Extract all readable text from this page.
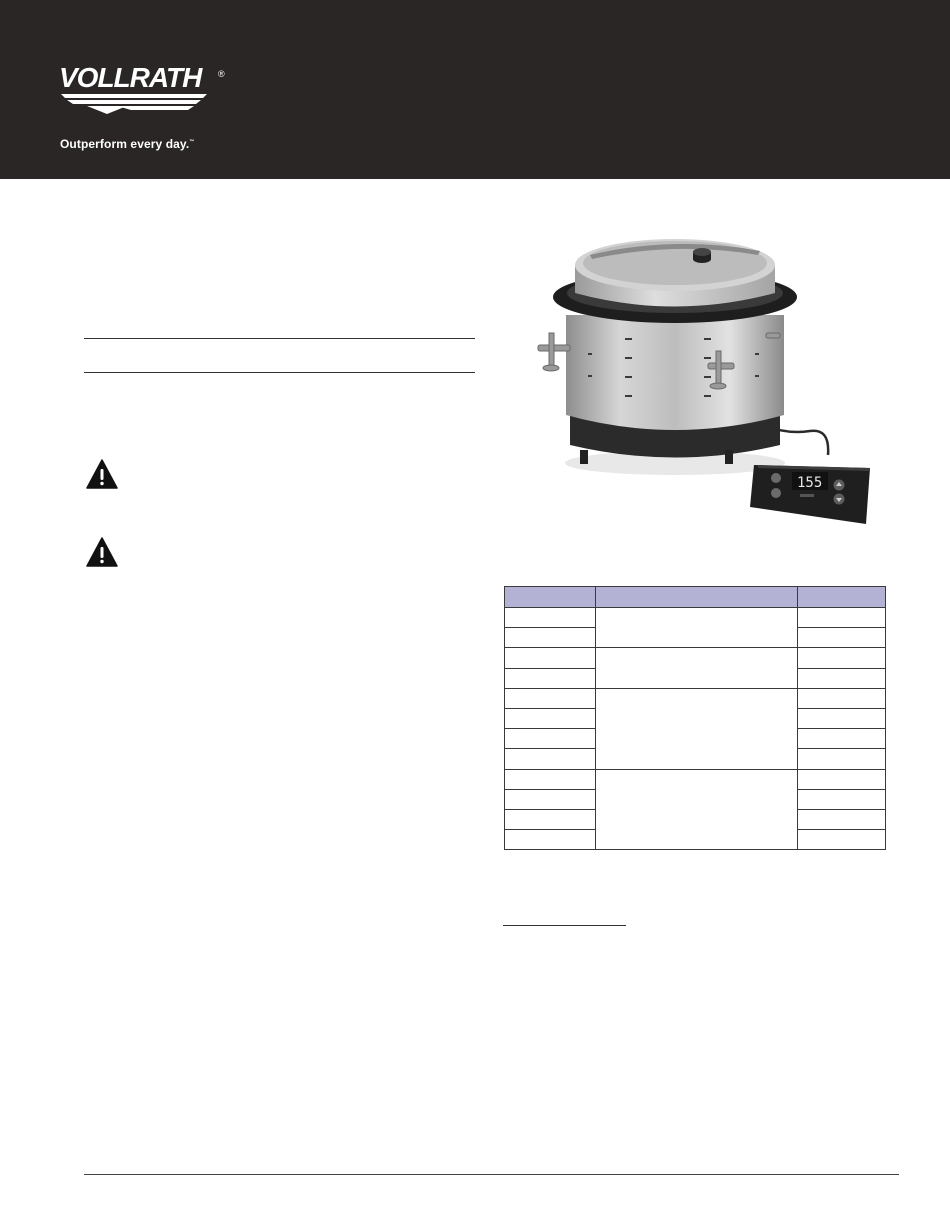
VOLLRATH ®
Outperform every day.™
155
